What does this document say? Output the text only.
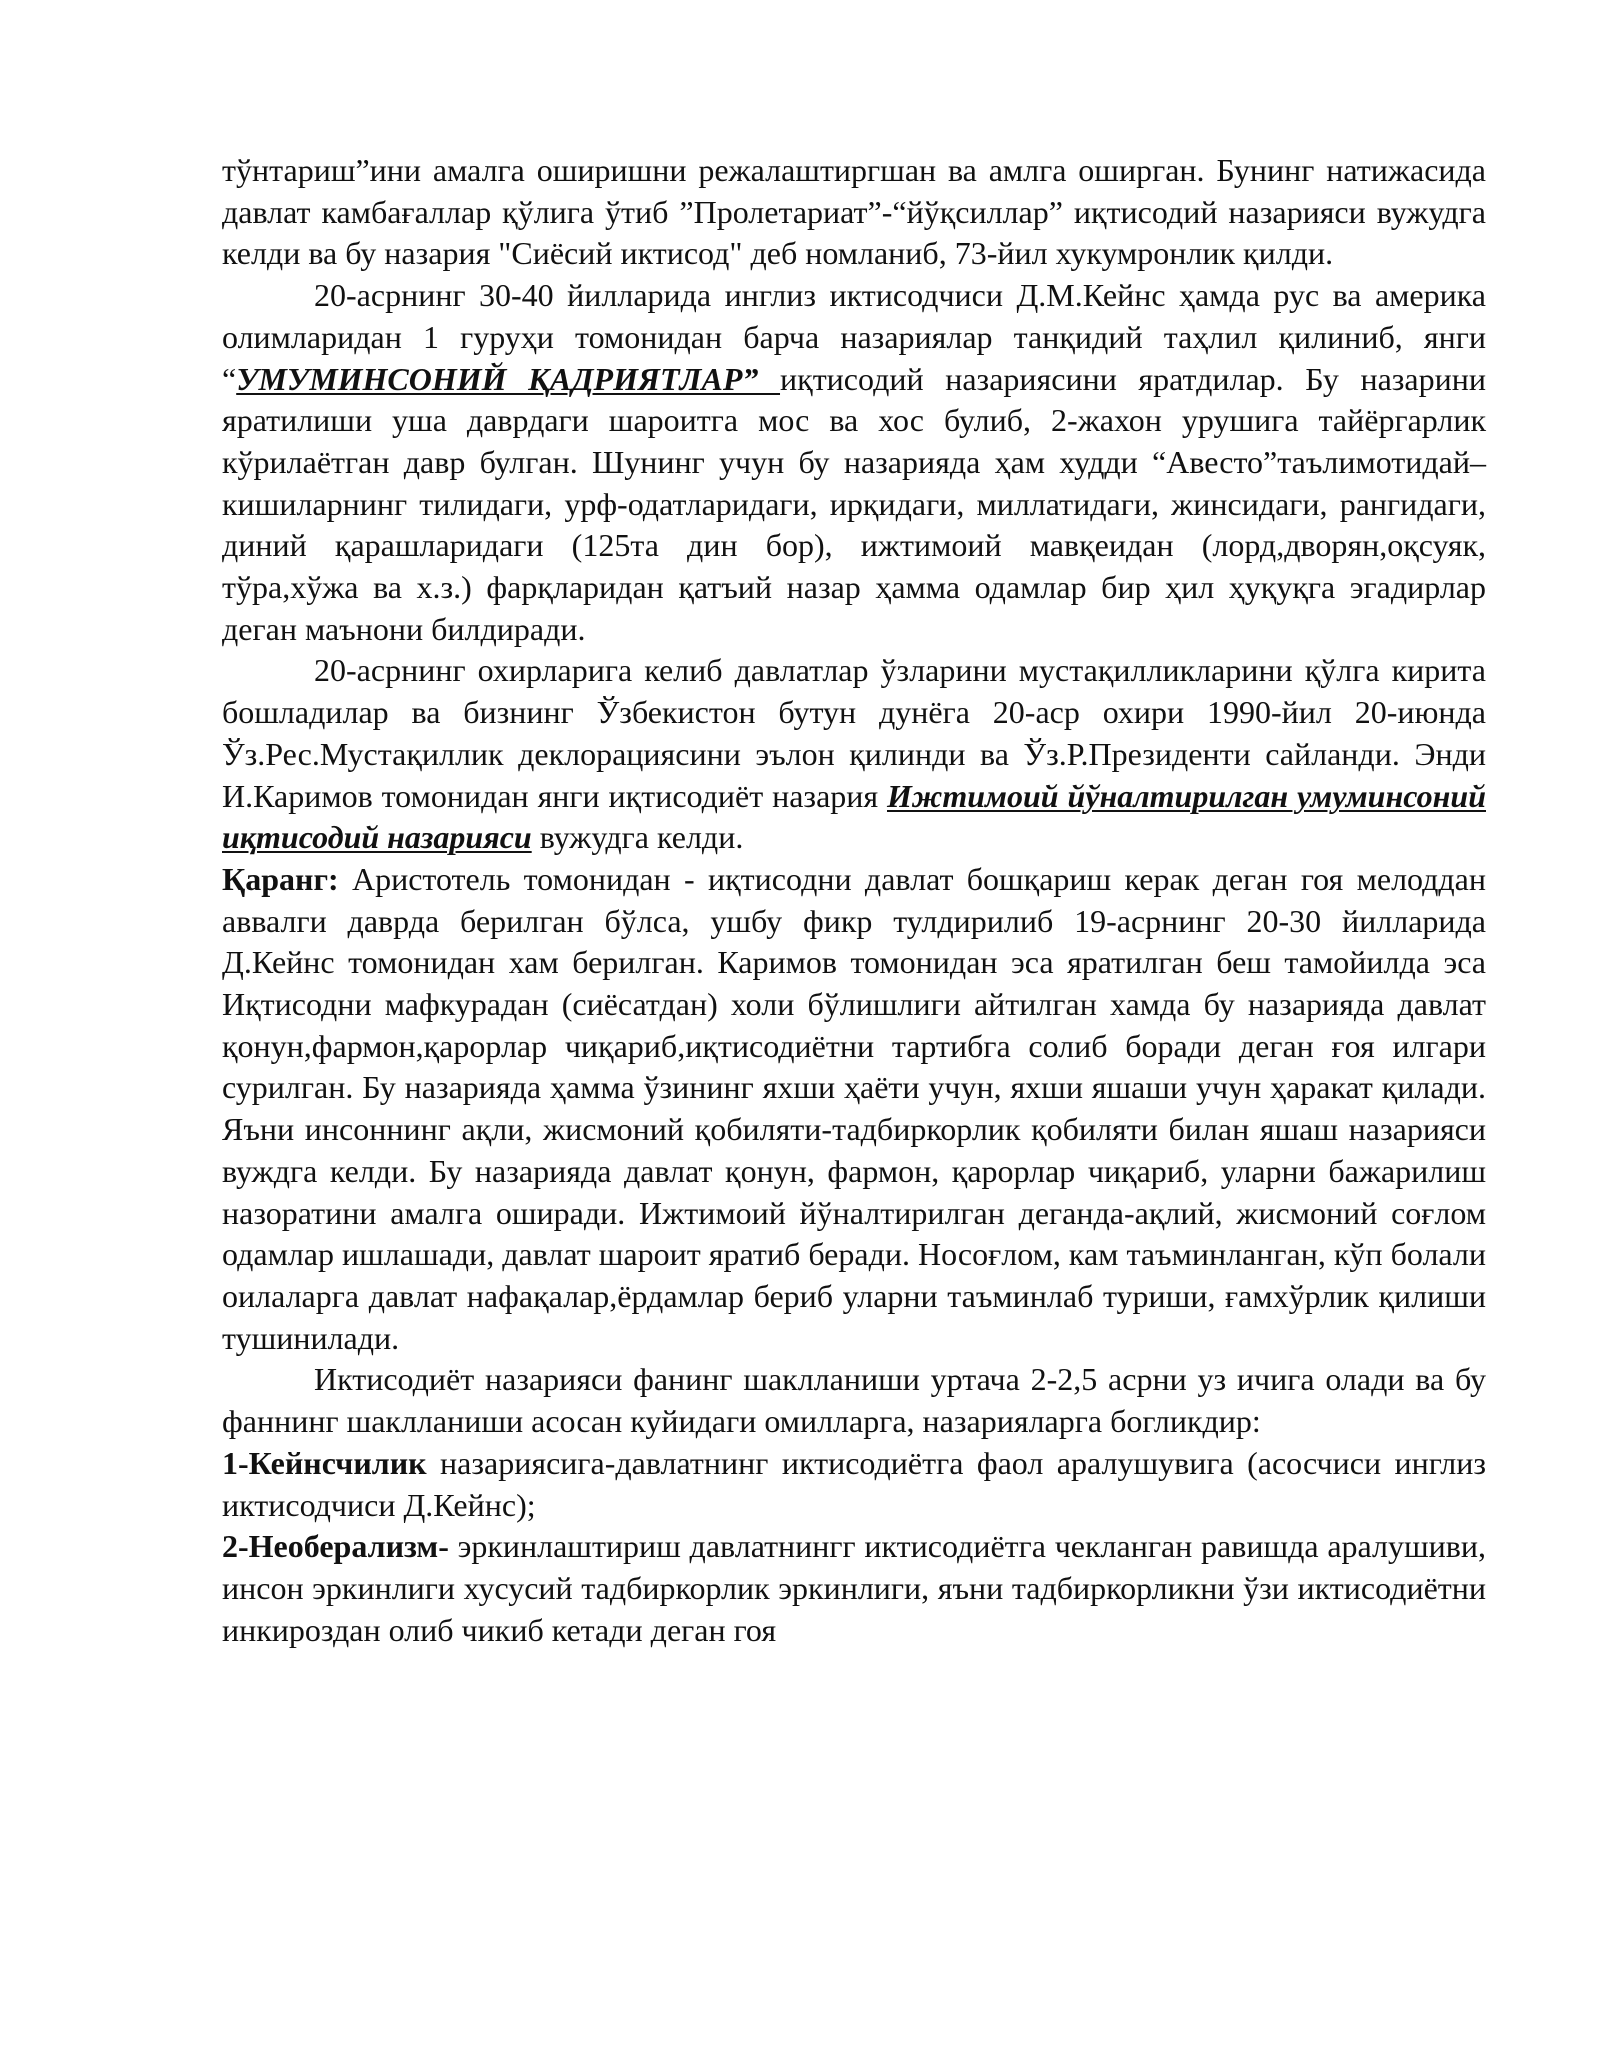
тўнтариш”ини амалга оширишни режалаштиргшан ва амлга оширган. Бунинг натижасида давлат камбағаллар қўлига ўтиб ”Пролетариат”-“йўқсиллар” иқтисодий назарияси вужудга келди ва бу назария "Сиёсий иктисод" деб номланиб, 73-йил хукумронлик қилди.

20-асрнинг 30-40 йилларида инглиз иктисодчиси Д.М.Кейнс ҳамда рус ва америка олимларидан 1 гуруҳи томонидан барча назариялар танқидий таҳлил қилиниб, янги “УМУМИНСОНИЙ ҚАДРИЯТЛАР” иқтисодий назариясини яратдилар. Бу назарини яратилиши уша даврдаги шароитга мос ва хос булиб, 2-жахон урушига тайёргарлик кўрилаётган давр булган. Шунинг учун бу назарияда ҳам худди “Авесто”таълимотидай–кишиларнинг тилидаги, урф-одатларидаги, ирқидаги, миллатидаги, жинсидаги, рангидаги, диний қарашларидаги (125та дин бор), ижтимоий мавқеидан (лорд,дворян,оқсуяк, тўра,хўжа ва х.з.) фарқларидан қатъий назар ҳамма одамлар бир ҳил ҳуқуқга эгадирлар деган маънони билдиради.

20-асрнинг охирларига келиб давлатлар ўзларини мустақилликларини қўлга кирита бошладилар ва бизнинг Ўзбекистон бутун дунёга 20-аср охири 1990-йил 20-июнда Ўз.Рес.Мустақиллик деклорациясини эълон қилинди ва Ўз.Р.Президенти сайланди. Энди И.Каримов томонидан янги иқтисодиёт назария Ижтимоий йўналтирилган умуминсоний иқтисодий назарияси вужудга келди.

Қаранг: Аристотель томонидан - иқтисодни давлат бошқариш керак деган гоя мелоддан аввалги даврда берилган бўлса, ушбу фикр тулдирилиб 19-асрнинг 20-30 йилларида Д.Кейнс томонидан хам берилган. Каримов томонидан эса яратилган беш тамойилда эса Иқтисодни мафкурадан (сиёсатдан) холи бўлишлиги айтилган хамда бу назарияда давлат қонун,фармон,қарорлар чиқариб,иқтисодиётни тартибга солиб боради деган ғоя илгари сурилган. Бу назарияда ҳамма ўзининг яхши ҳаёти учун, яхши яшаши учун ҳаракат қилади. Яъни инсоннинг ақли, жисмоний қобиляти-тадбиркорлик қобиляти билан яшаш назарияси вуждга келди. Бу назарияда давлат қонун, фармон, қарорлар чиқариб, уларни бажарилиш назоратини амалга оширади. Ижтимоий йўналтирилган деганда-ақлий, жисмоний соғлом одамлар ишлашади, давлат шароит яратиб беради. Носоғлом, кам таъминланган, кўп болали оилаларга давлат нафақалар,ёрдамлар бериб уларни таъминлаб туриши, ғамхўрлик қилиши тушинилади.

Иктисодиёт назарияси фанинг шаклланиши уртача 2-2,5 асрни уз ичига олади ва бу фаннинг шаклланиши асосан куйидаги омилларга, назарияларга богликдир:

1-Кейнсчилик назариясига-давлатнинг иктисодиётга фаол аралушувига (асосчиси инглиз иктисодчиси Д.Кейнс);

2-Необерализм- эркинлаштириш давлатнингг иктисодиётга чекланган равишда аралушиви, инсон эркинлиги хусусий тадбиркорлик эркинлиги, яъни тадбиркорликни ўзи иктисодиётни инкироздан олиб чикиб кетади деган гоя
